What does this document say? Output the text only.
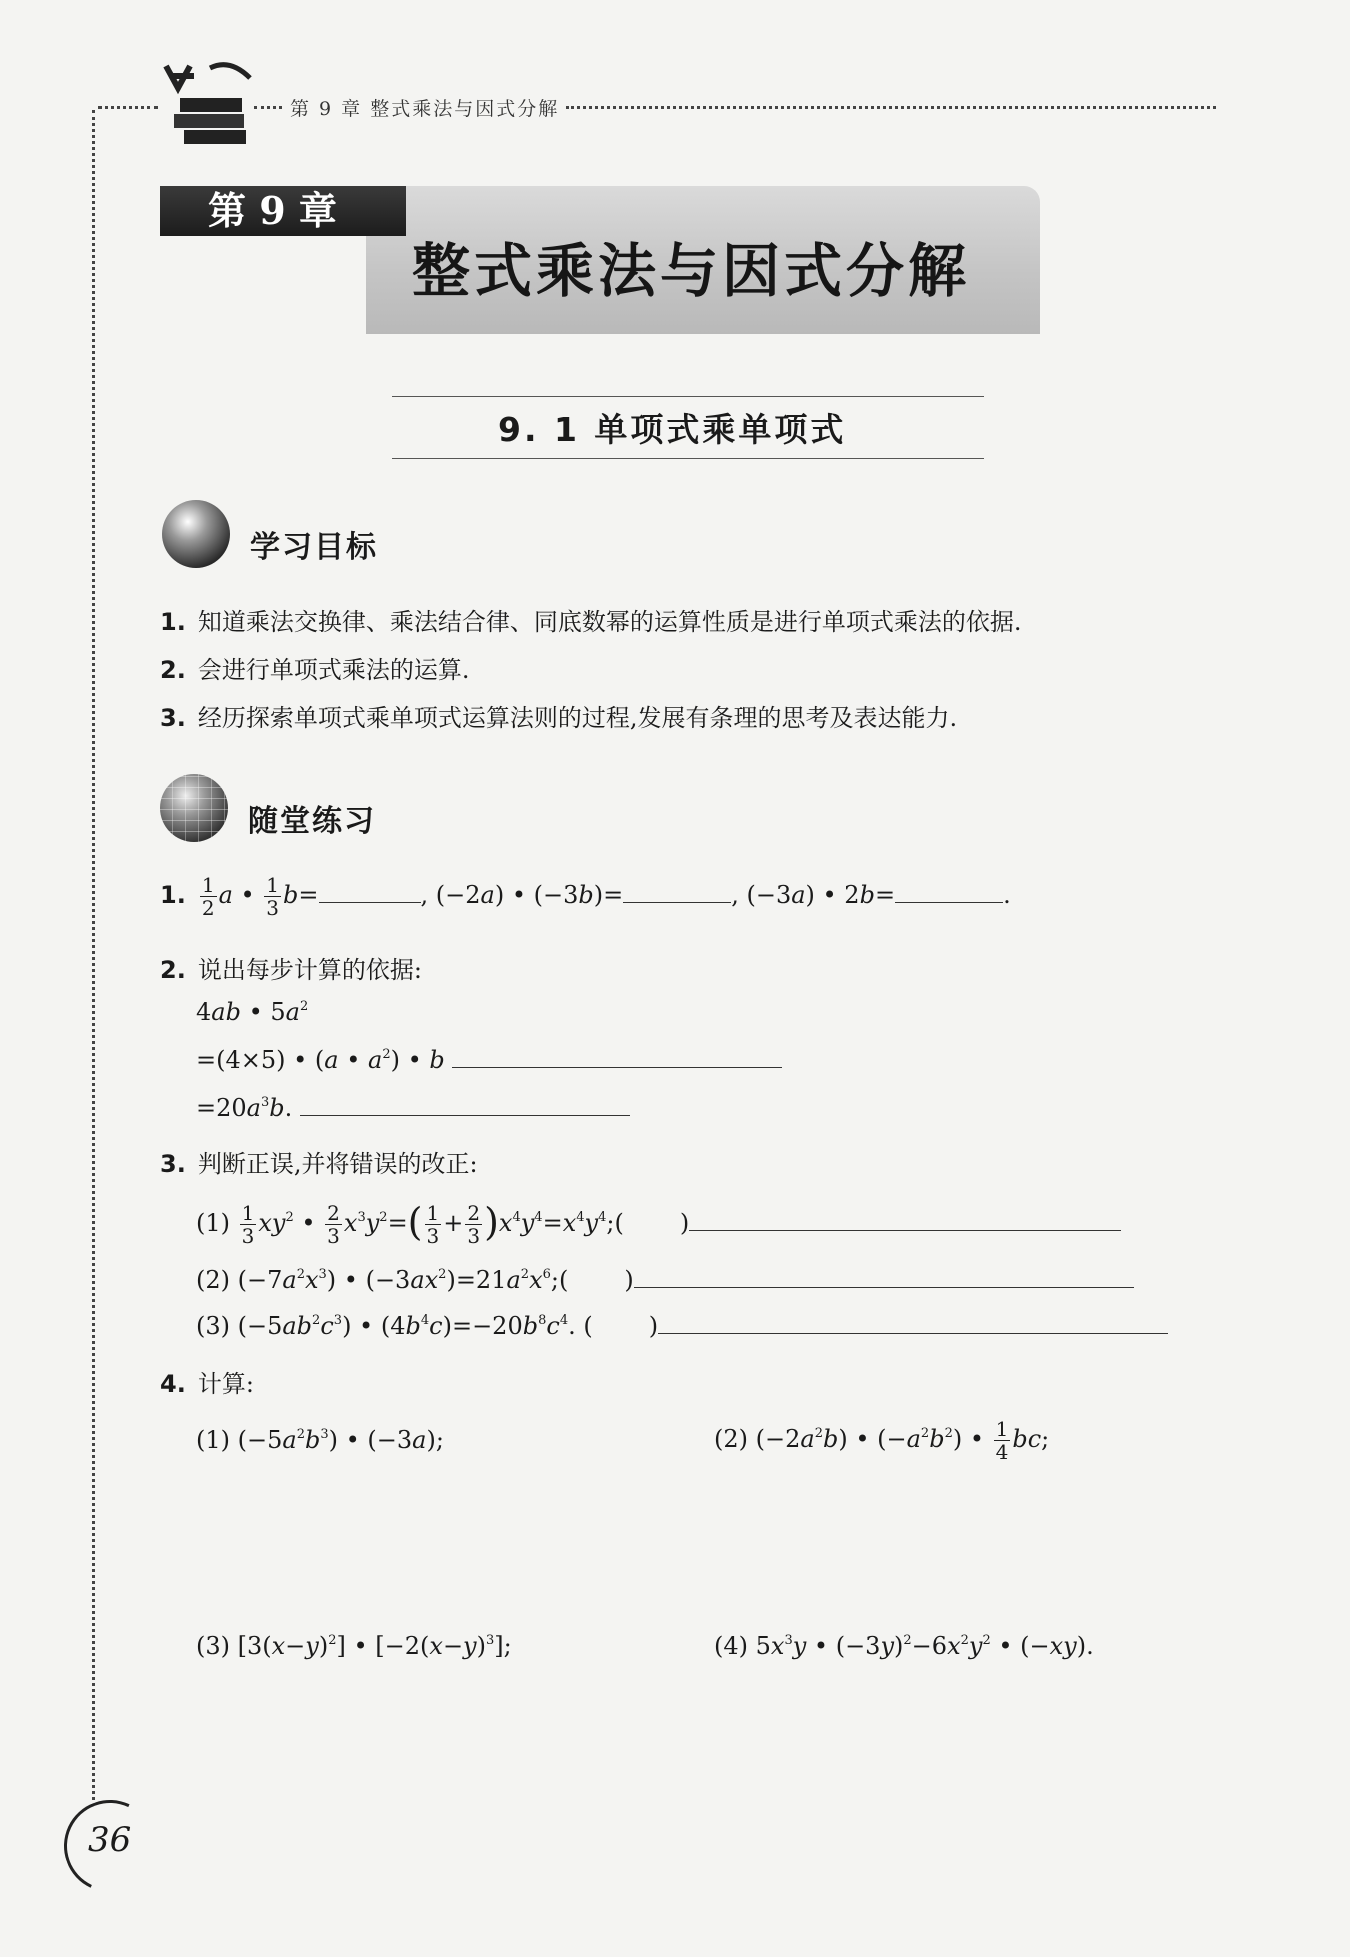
第 9 章 整式乘法与因式分解
第 9 章
整式乘法与因式分解
9. 1 单项式乘单项式
学习目标
1. 知道乘法交换律、乘法结合律、同底数幂的运算性质是进行单项式乘法的依据.
2. 会进行单项式乘法的运算.
3. 经历探索单项式乘单项式运算法则的过程,发展有条理的思考及表达能力.
随堂练习
1. $\frac{1}{2}$ a • $\frac{1}{3} b=$	, (−2a) • (−3b)=	, (−3a) • 2b=	.
2. 说出每步计算的依据:
4ab • $5a^2$
=(4×5) • (a • $a^2$) • b
$=20a^3b$.
3. 判断正误,并将错误的改正:
$(1) \frac{1}{3} xy^2$ • $\frac{2}{3} x^3y^2=( \frac{1}{3} + \frac{2}{3}$ )$x^4y^4=x^4y^4$;( )
(2) $(-7a^2x^3)$ • $(-3ax^2)=21a^2x^6$;( )
(3) $(-5ab^2c^3)$ • $(4b^4c)=-20b^8c^4$. ( )
4. 计算:
(1) $(-5a^2b^3)$ • (−3a);	(2) $(-2a^2b)$ • $(-a^2b^2)$ • $\frac{1}{4}$ bc;
(3) $[3(x-y)^2]$ • $[-2(x-y)^3]$;	(4) $5x^3y$ • $(-3y)^2-6x^2y^2$ • (−xy).
36
